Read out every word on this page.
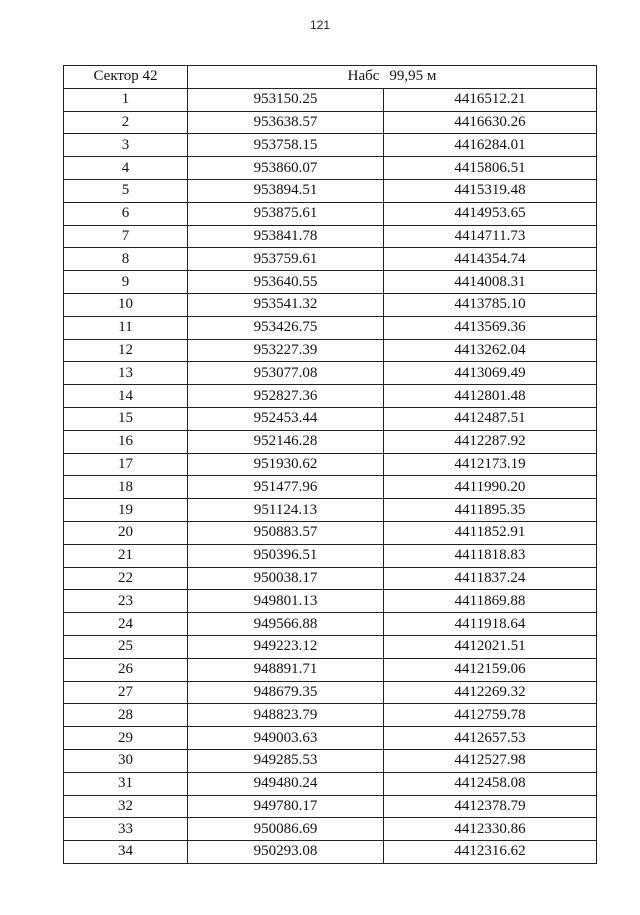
121
Сектор 42	Набс 99,95 м	
1	953150.25	4416512.21
2	953638.57	4416630.26
3	953758.15	4416284.01
4	953860.07	4415806.51
5	953894.51	4415319.48
6	953875.61	4414953.65
7	953841.78	4414711.73
8	953759.61	4414354.74
9	953640.55	4414008.31
10	953541.32	4413785.10
11	953426.75	4413569.36
12	953227.39	4413262.04
13	953077.08	4413069.49
14	952827.36	4412801.48
15	952453.44	4412487.51
16	952146.28	4412287.92
17	951930.62	4412173.19
18	951477.96	4411990.20
19	951124.13	4411895.35
20	950883.57	4411852.91
21	950396.51	4411818.83
22	950038.17	4411837.24
23	949801.13	4411869.88
24	949566.88	4411918.64
25	949223.12	4412021.51
26	948891.71	4412159.06
27	948679.35	4412269.32
28	948823.79	4412759.78
29	949003.63	4412657.53
30	949285.53	4412527.98
31	949480.24	4412458.08
32	949780.17	4412378.79
33	950086.69	4412330.86
34	950293.08	4412316.62
